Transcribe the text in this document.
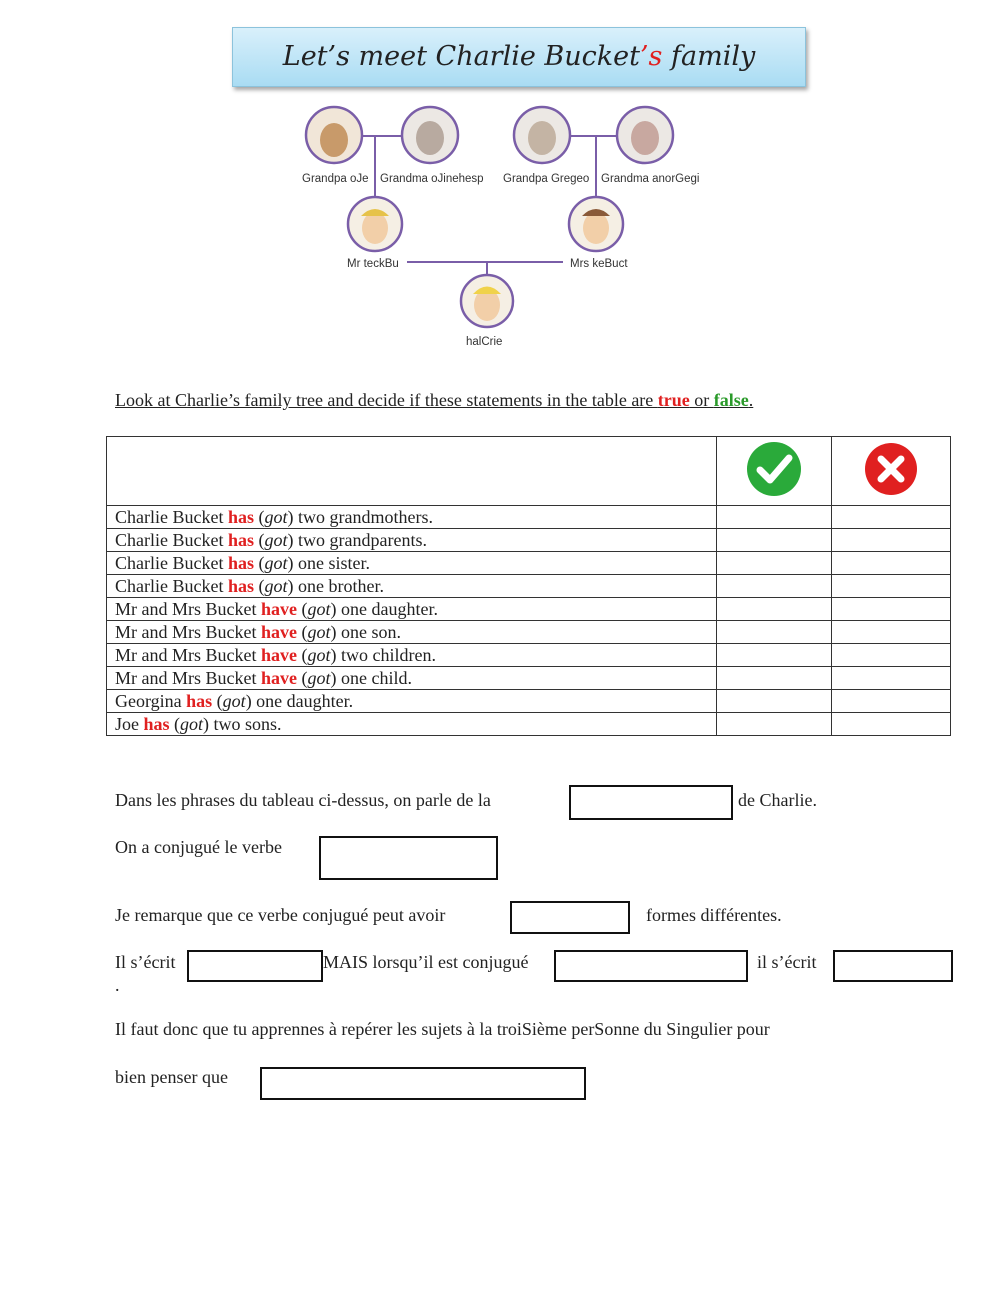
Let’s meet Charlie Bucket’s family
Grandpa oJe Grandma oJinehesp Grandpa Gregeo Grandma anorGegi
Mr teckBu	Mrs keBuct
halCrie
Look at Charlie’s family tree and decide if these statements in the table are true or false.

Charlie Bucket has (got) two grandmothers.		
Charlie Bucket has (got) two grandparents.		
Charlie Bucket has (got) one sister.		
Charlie Bucket has (got) one brother.		
Mr and Mrs Bucket have (got) one daughter.		
Mr and Mrs Bucket have (got) one son.		
Mr and Mrs Bucket have (got) two children.		
Mr and Mrs Bucket have (got) one child.		
Georgina has (got) one daughter.		
Joe has (got) two sons.		
Dans les phrases du tableau ci-dessus, on parle de la	de Charlie.
On a conjugué le verbe
Je remarque que ce verbe conjugué peut avoir	formes différentes.
Il s’écrit	MAIS lorsqu’il est conjugué	il s’écrit
.
Il faut donc que tu apprennes à repérer les sujets à la troiSième perSonne du Singulier pour
bien penser que
